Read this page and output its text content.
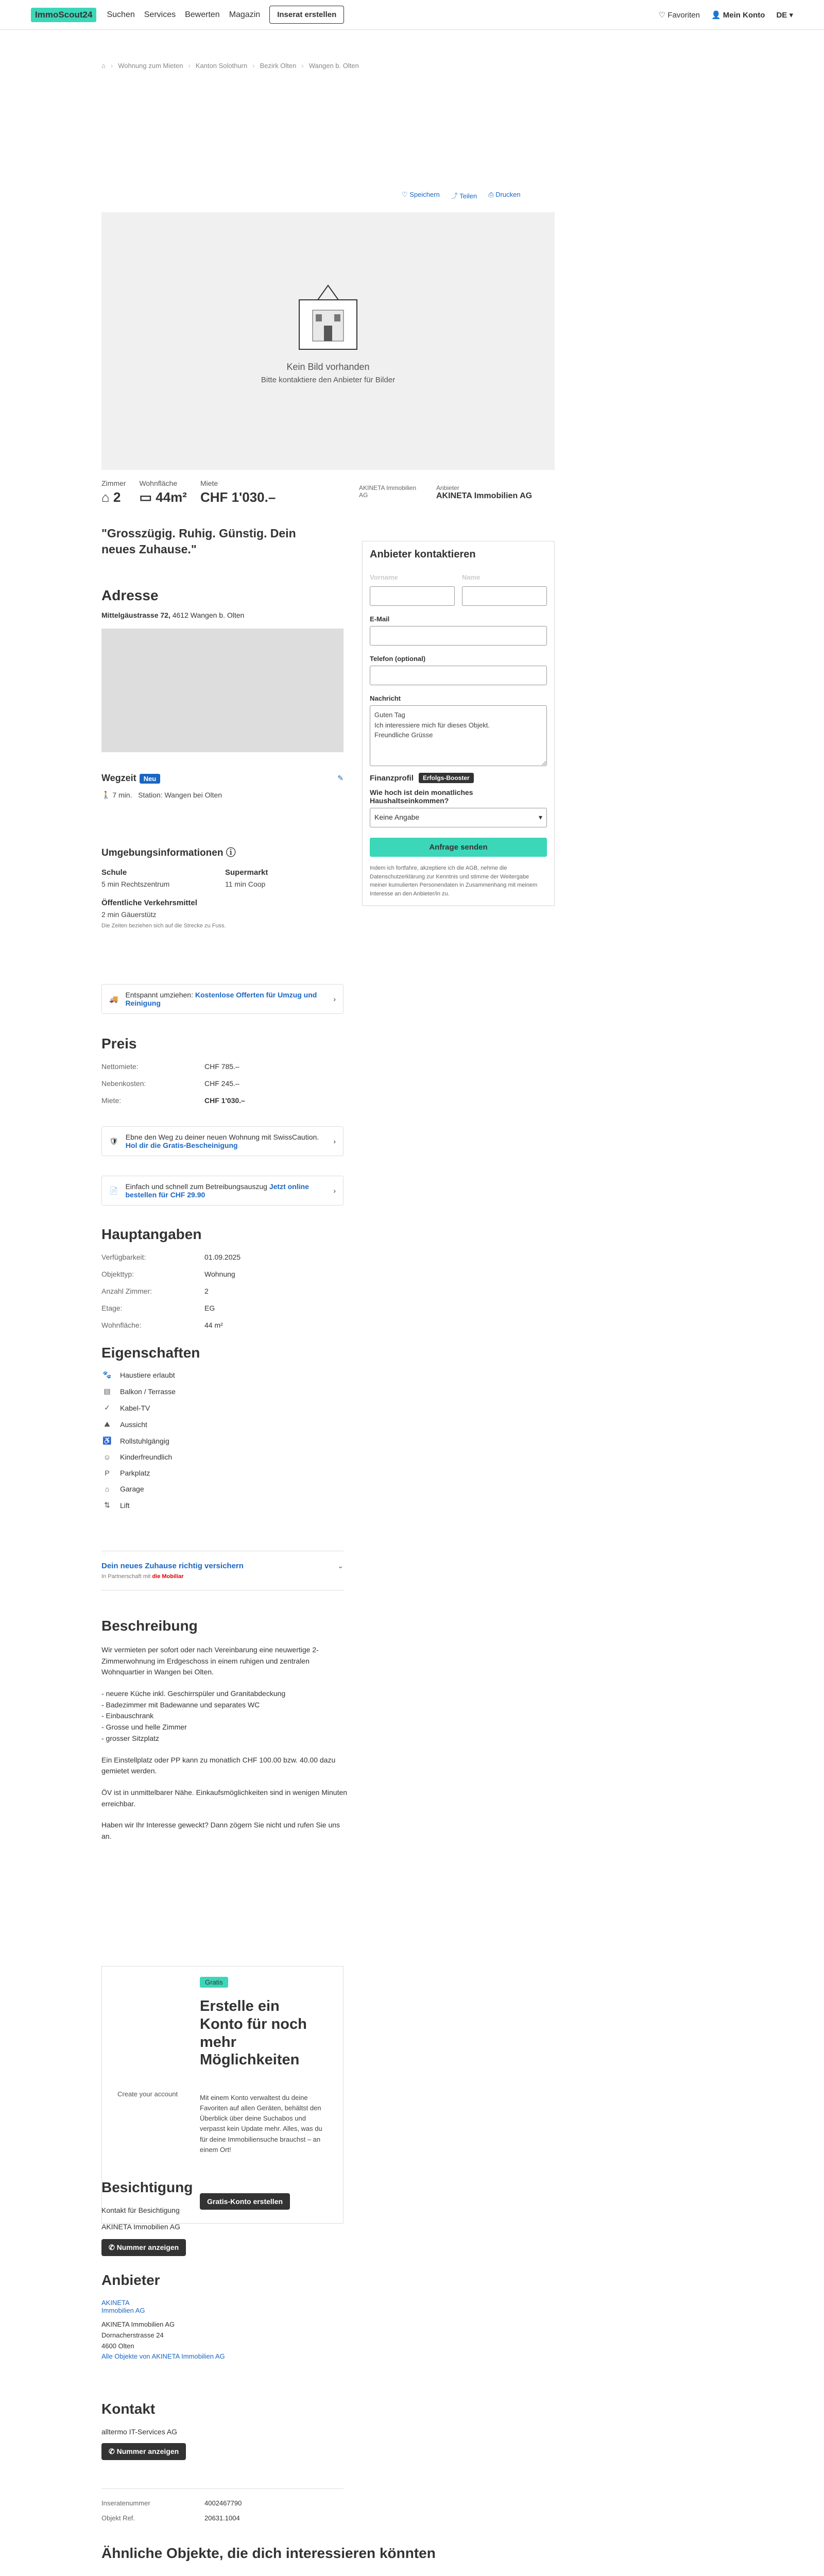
ImmoScout24	Suchen Services Bewerten Magazin	Inserat erstellen	♡ Favoriten 👤 Mein Konto DE ▾
⌂ › Wohnung zum Mieten › Kanton Solothurn › Bezirk Olten › Wangen b. Olten
♡ Speichern ⤴ Teilen ⎙ Drucken
Kein Bild vorhanden
Bitte kontaktiere den Anbieter für Bilder
Zimmer
⌂ 2
Wohnfläche
▭ 44m²
Miete
CHF 1'030.–
AKINETA Immobilien AG
Anbieter
AKINETA Immobilien AG
"Grosszügig. Ruhig. Günstig. Dein neues Zuhause."	Anbieter kontaktieren
Vorname	Name
E-Mail
Telefon (optional)
Nachricht
Guten Tag Ich interessiere mich für dieses Objekt. Freundliche Grüsse
Finanzprofil	Erfolgs-Booster
Wie hoch ist dein monatliches Haushaltseinkommen?
Keine Angabe	▾
Anfrage senden
Indem ich fortfahre, akzeptiere ich die AGB, nehme die Datenschutzerklärung zur Kenntnis und stimme der Weitergabe meiner kumulierten Personendaten in Zusammenhang mit meinem Interesse an den Anbieter/in zu.
Adresse
Mittelgäustrasse 72, 4612 Wangen b. Olten
Wegzeit Neu	✎
🚶 7 min. Station: Wangen bei Olten
Umgebungsinformationen ⓘ
Schule
5 min Rechtszentrum
Supermarkt
11 min Coop
Öffentliche Verkehrsmittel
2 min Gäuerstütz
Die Zeiten beziehen sich auf die Strecke zu Fuss.
🚚 Entspannt umziehen: Kostenlose Offerten für Umzug und Reinigung	›
Preis
Nettomiete:	CHF 785.–
Nebenkosten:	CHF 245.–
Miete:	CHF 1'030.–
🛡 Ebne den Weg zu deiner neuen Wohnung mit SwissCaution. Hol dir die Gratis-Bescheinigung	›
📄 Einfach und schnell zum Betreibungsauszug Jetzt online bestellen für CHF 29.90	›
Hauptangaben
Verfügbarkeit:	01.09.2025
Objekttyp:	Wohnung
Anzahl Zimmer:	2
Etage:	EG
Wohnfläche:	44 m²
Eigenschaften
🐾 Haustiere erlaubt
▤	Balkon / Terrasse
✓	Kabel-TV
⛰	Aussicht
♿ Rollstuhlgängig
☺ Kinderfreundlich
P	Parkplatz
⌂	Garage
⇅	Lift
Dein neues Zuhause richtig versichern
In Partnerschaft mit die Mobiliar
⌄
Beschreibung

Wir vermieten per sofort oder nach Vereinbarung eine neuwertige 2-Zimmerwohnung im Erdgeschoss in einem ruhigen und zentralen Wohnquartier in Wangen bei Olten.

- neuere Küche inkl. Geschirrspüler und Granitabdeckung
- Badezimmer mit Badewanne und separates WC
- Einbauschrank
- Grosse und helle Zimmer
- grosser Sitzplatz

Ein Einstellplatz oder PP kann zu monatlich CHF 100.00 bzw. 40.00 dazu gemietet werden.

ÖV ist in unmittelbarer Nähe. Einkaufsmöglichkeiten sind in wenigen Minuten erreichbar.

Haben wir Ihr Interesse geweckt? Dann zögern Sie nicht und rufen Sie uns an.

Gratis
Erstelle ein Konto für noch mehr Möglichkeiten
Create your account	Mit einem Konto verwaltest du deine Favoriten auf allen Geräten, behältst den Überblick über deine Suchabos und verpasst kein Update mehr. Alles, was du für deine Immobiliensuche brauchst – an einem Ort!
Gratis-Konto erstellen
Besichtigung
Kontakt für Besichtigung
AKINETA Immobilien AG
✆ Nummer anzeigen
Anbieter
AKINETA Immobilien AG
AKINETA Immobilien AG
Dornacherstrasse 24
4600 Olten
Alle Objekte von AKINETA Immobilien AG
Kontakt
alltermo IT-Services AG
✆ Nummer anzeigen
Inseratenummer	4002467790
Objekt Ref.	20631.1004
Ähnliche Objekte, die dich interessieren könnten
